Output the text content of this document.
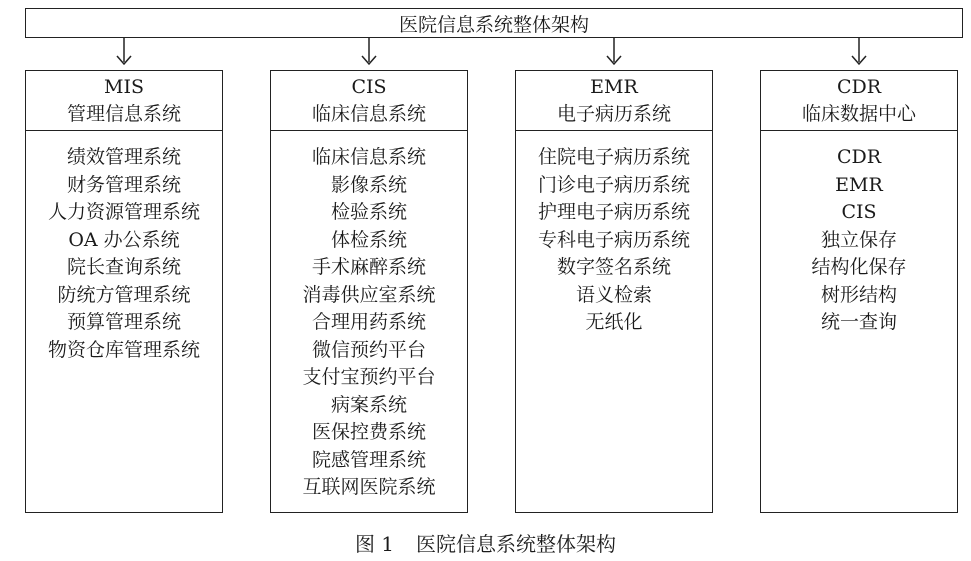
医院信息系统整体架构
MIS
管理信息系统
绩效管理系统
财务管理系统
人力资源管理系统
OA 办公系统
院长查询系统
防统方管理系统
预算管理系统
物资仓库管理系统
CIS
临床信息系统
临床信息系统
影像系统
检验系统
体检系统
手术麻醉系统
消毒供应室系统
合理用药系统
微信预约平台
支付宝预约平台
病案系统
医保控费系统
院感管理系统
互联网医院系统
EMR
电子病历系统
住院电子病历系统
门诊电子病历系统
护理电子病历系统
专科电子病历系统
数字签名系统
语义检索
无纸化
CDR
临床数据中心
CDR
EMR
CIS
独立保存
结构化保存
树形结构
统一查询
图 1 医院信息系统整体架构
